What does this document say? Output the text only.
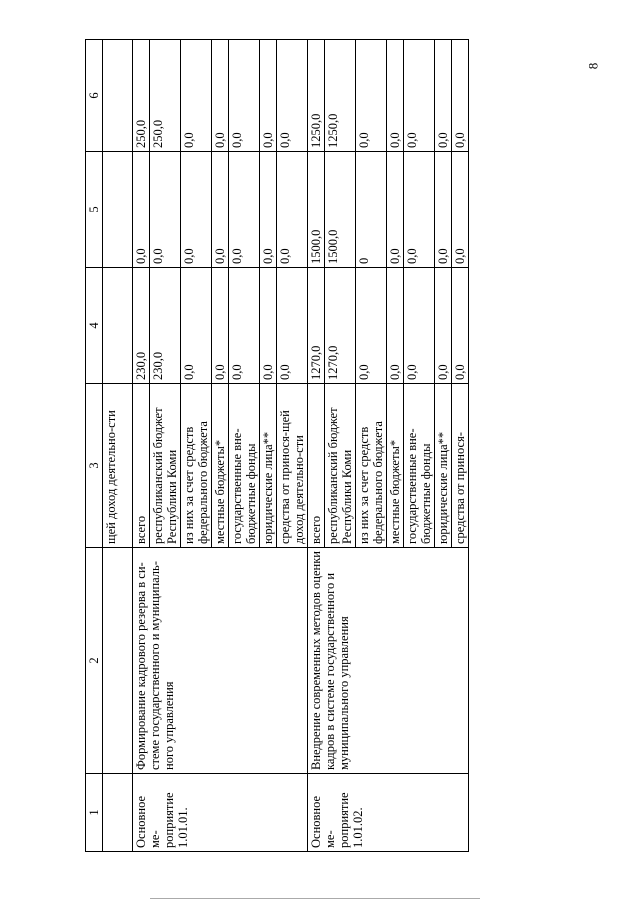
8
1	2	3	4	5	6
		щей доход деятельно-сти			
Основное ме-роприятие 1.01.01.	Формирование кадрового резерва в си-стеме государственного и муниципаль-ного управления	всего	230,0	0,0	250,0
		республиканский бюджет Республики Коми	230,0	0,0	250,0
		из них за счет средств федерального бюджета	0,0	0,0	0,0
		местные бюджеты*	0,0	0,0	0,0
		государственные вне-бюджетные фонды	0,0	0,0	0,0
		юридические лица**	0,0	0,0	0,0
		средства от принося-щей доход деятельно-сти	0,0	0,0	0,0
Основное ме-роприятие 1.01.02.	Внедрение современных методов оценки кадров в системе государственного и муниципального управления	всего	1270,0	1500,0	1250,0
		республиканский бюджет Республики Коми	1270,0	1500,0	1250,0
		из них за счет средств федерального бюджета	0,0	0	0,0
		местные бюджеты*	0,0	0,0	0,0
		государственные вне-бюджетные фонды	0,0	0,0	0,0
		юридические лица**	0,0	0,0	0,0
		средства от принося-	0,0	0,0	0,0
